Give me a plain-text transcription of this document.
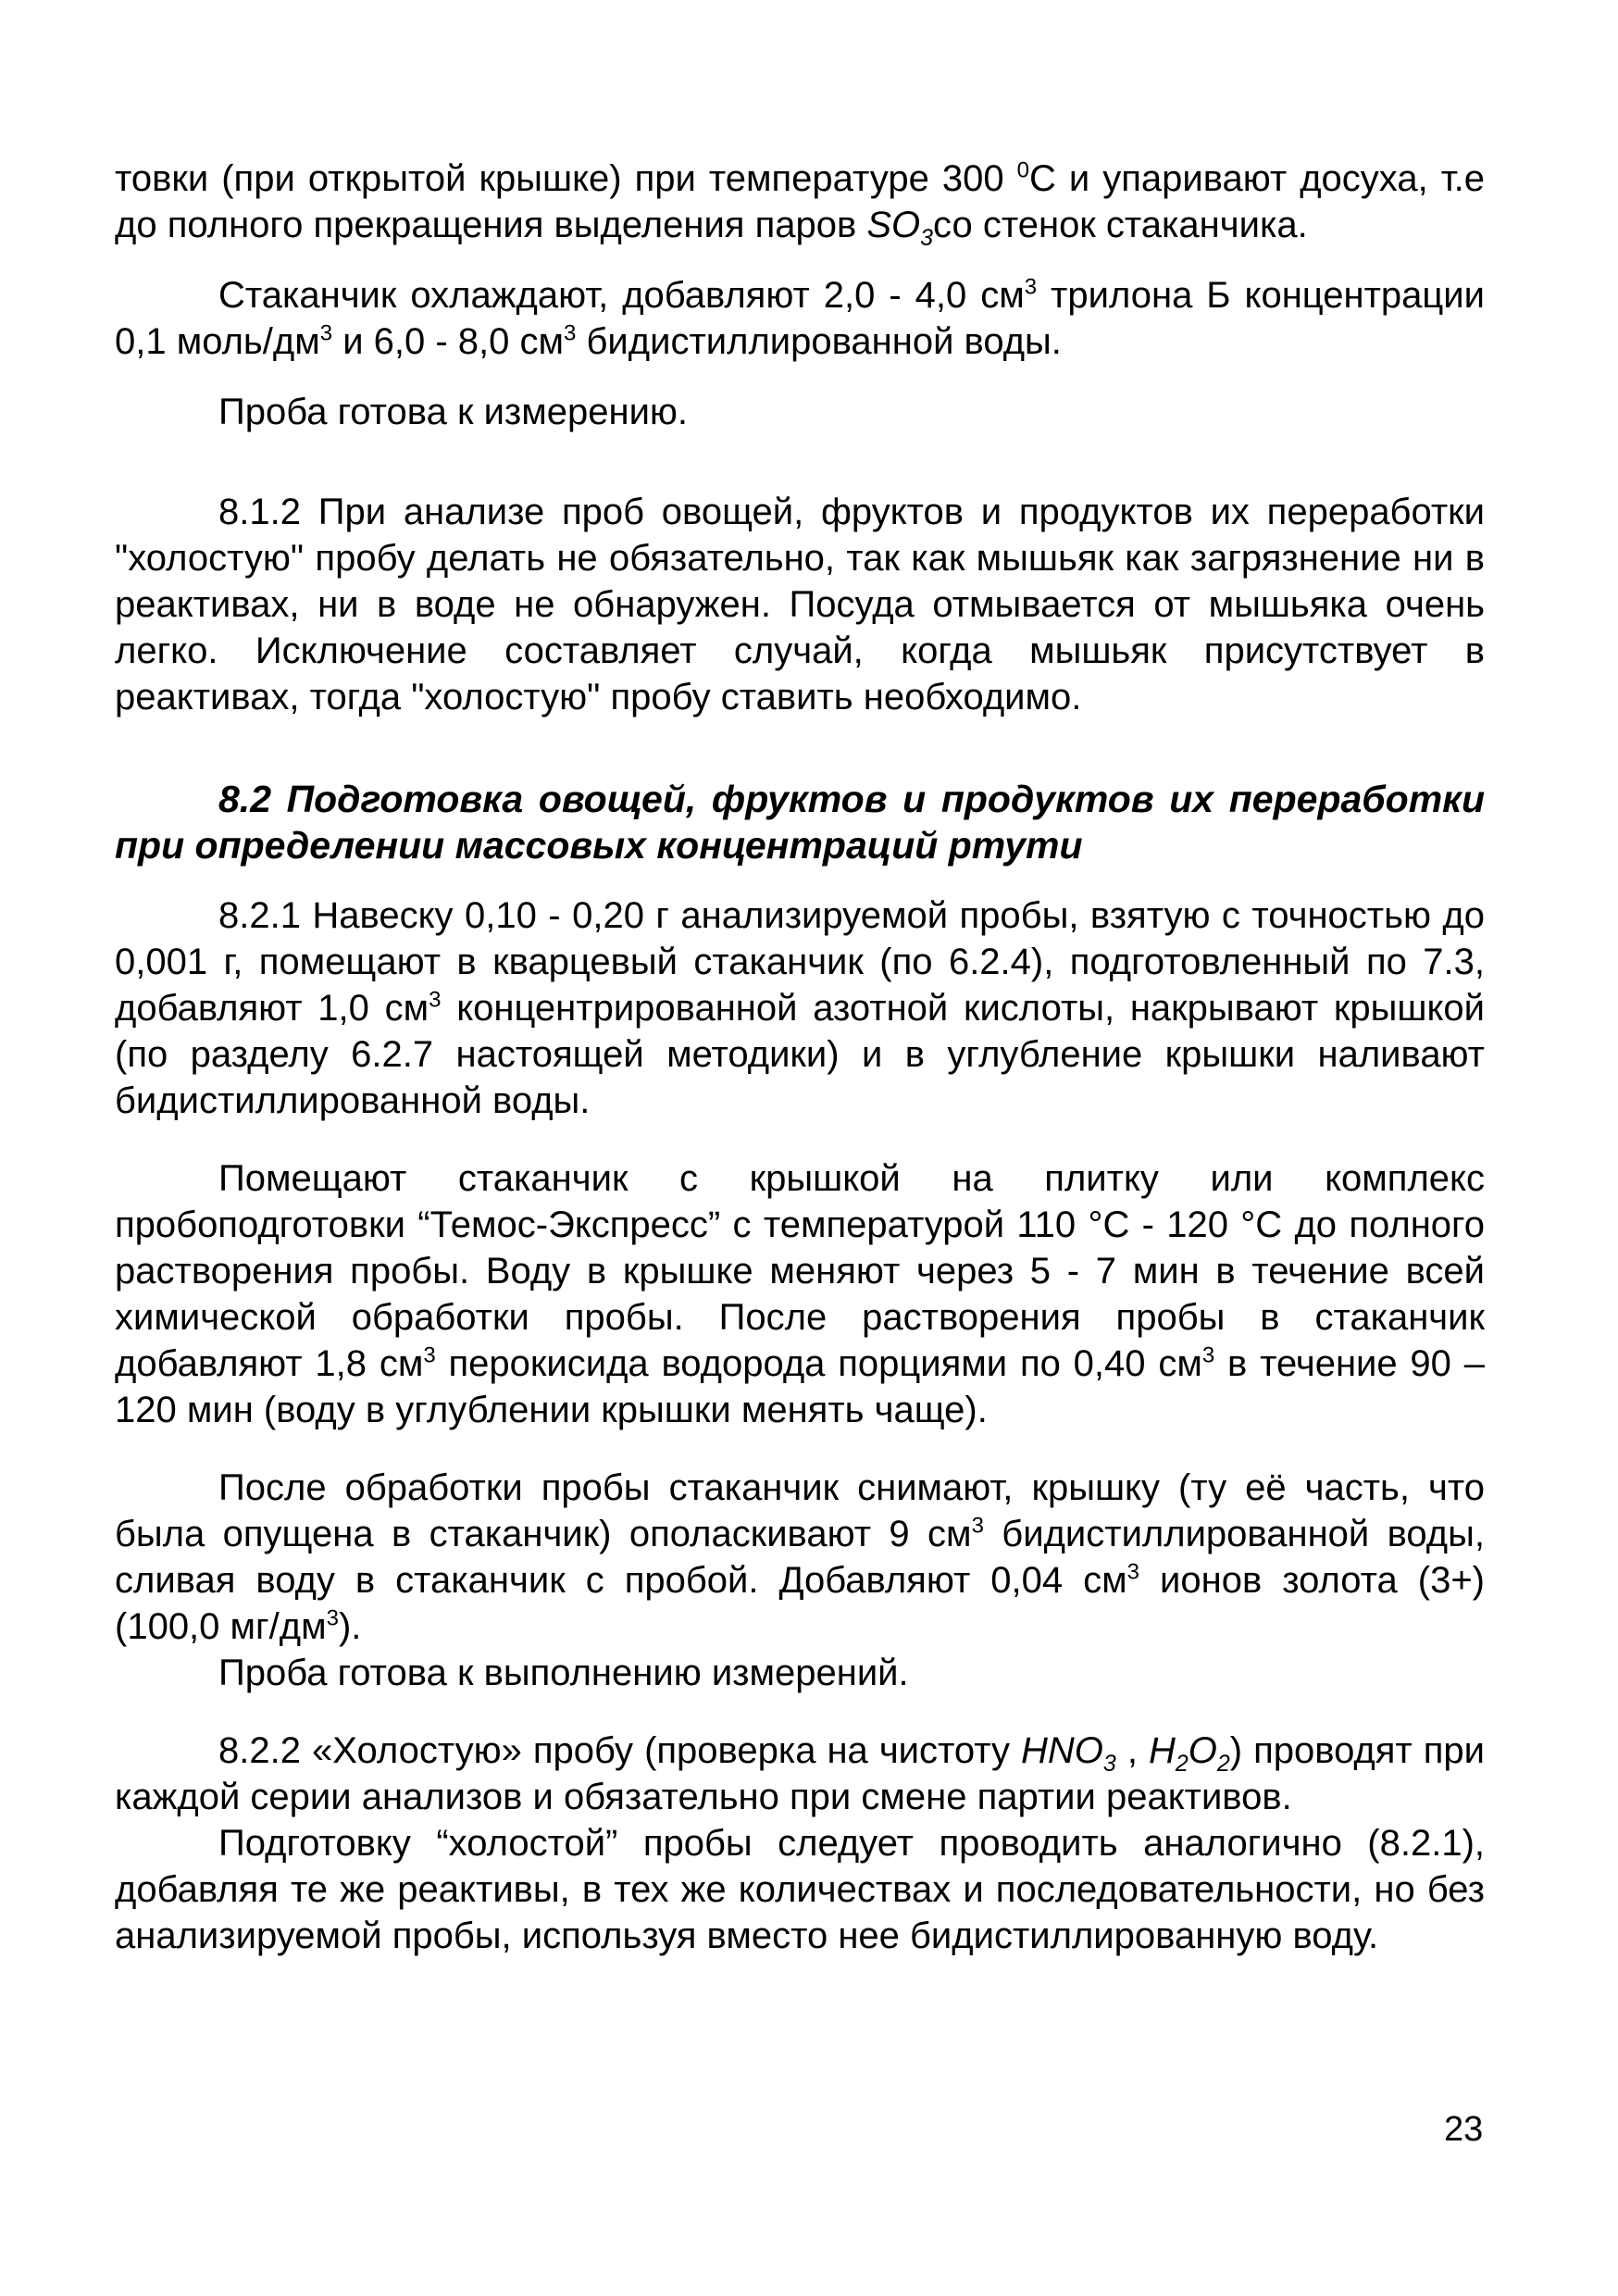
товки (при открытой крышке) при температуре 300 $^0$С и упаривают досуха, т.е до полного прекращения выделения паров $SO_3со$ стенок стаканчика.

Стаканчик охлаждают, добавляют 2,0 - 4,0 $см^3$ трилона Б концентрации 0,1 моль/$дм^3$ и 6,0 - 8,0 $см^3$ бидистиллированной воды.

Проба готова к измерению.

8.1.2 При анализе проб овощей, фруктов и продуктов их переработки "холостую" пробу делать не обязательно, так как мышьяк как загрязнение ни в реактивах, ни в воде не обнаружен. Посуда отмывается от мышьяка очень легко. Исключение составляет случай, когда мышьяк присутствует в реактивах, тогда "холостую" пробу ставить необходимо.

8.2 Подготовка овощей, фруктов и продуктов их переработки при определении массовых концентраций ртути

8.2.1 Навеску 0,10 - 0,20 г анализируемой пробы, взятую с точностью до 0,001 г, помещают в кварцевый стаканчик (по 6.2.4), подготовленный по 7.3, добавляют 1,0 $см^3$ концентрированной азотной кислоты, накрывают крышкой (по разделу 6.2.7 настоящей методики) и в углубление крышки наливают бидистиллированной воды.

Помещают стаканчик с крышкой на плитку или комплекс пробоподготовки “Темос-Экспресс” с температурой 110 °С - 120 °С до полного растворения пробы. Воду в крышке меняют через 5 - 7 мин в течение всей химической обработки пробы. После растворения пробы в стаканчик добавляют 1,8 $см^3$ перокисида водорода порциями по 0,40 $см^3$ в течение 90 – 120 мин (воду в углублении крышки менять чаще).

После обработки пробы стаканчик снимают, крышку (ту её часть, что была опущена в стаканчик) ополаскивают 9 $см^3$ бидистиллированной воды, сливая воду в стаканчик с пробой. Добавляют 0,04 $см^3$ ионов золота (3+) (100,0 $мг/дм^3$).

Проба готова к выполнению измерений.

8.2.2 «Холостую» пробу (проверка на чистоту $HNO_3$ , $H_2O_2$) проводят при каждой серии анализов и обязательно при смене партии реактивов.

Подготовку “холостой” пробы следует проводить аналогично (8.2.1), добавляя те же реактивы, в тех же количествах и последовательности, но без анализируемой пробы, используя вместо нее бидистиллированную воду.

23
